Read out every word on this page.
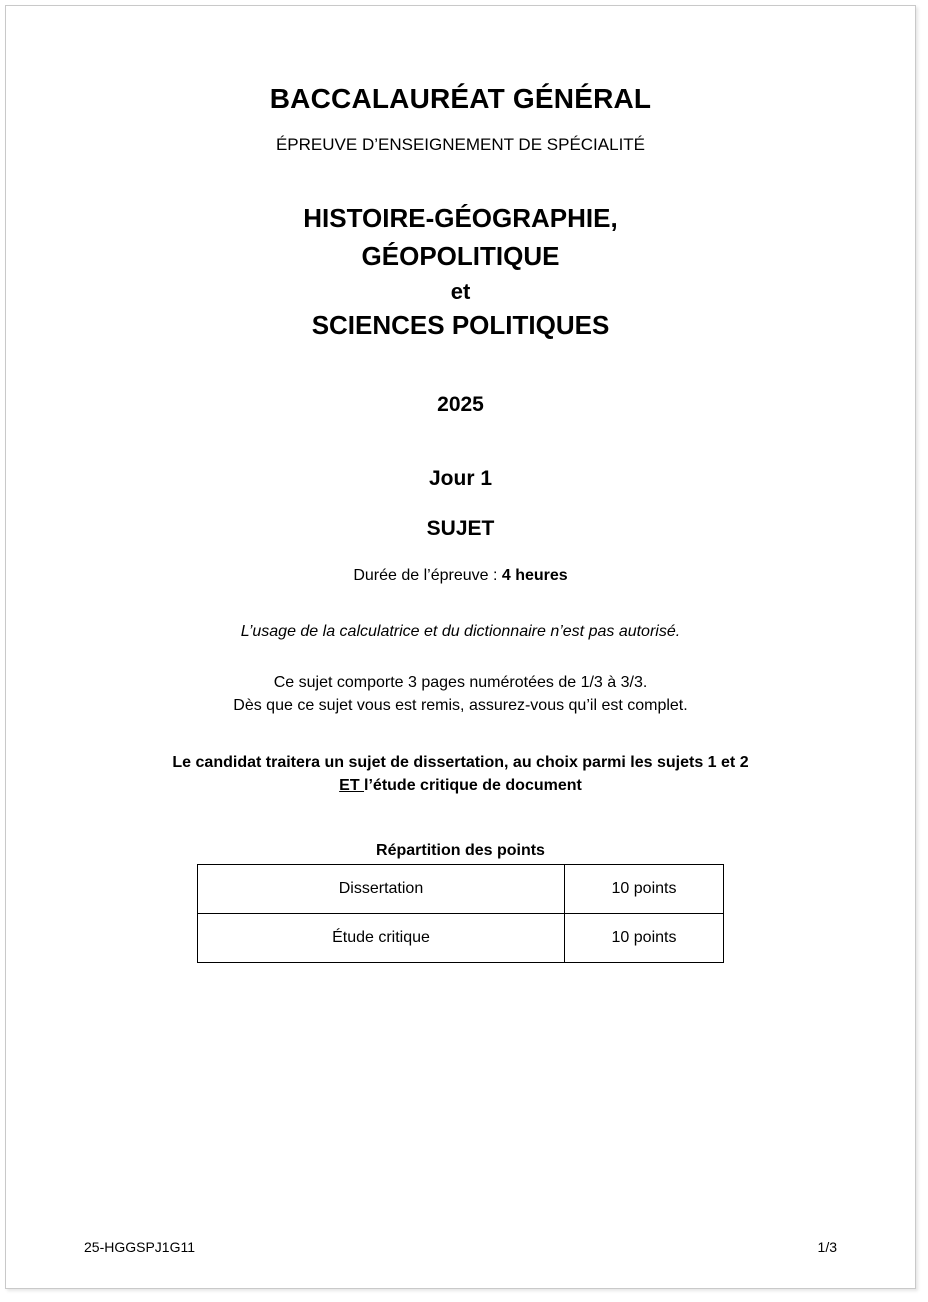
BACCALAURÉAT GÉNÉRAL
ÉPREUVE D’ENSEIGNEMENT DE SPÉCIALITÉ
HISTOIRE-GÉOGRAPHIE,
GÉOPOLITIQUE
et
SCIENCES POLITIQUES
2025
Jour 1
SUJET
Durée de l’épreuve : 4 heures
L’usage de la calculatrice et du dictionnaire n’est pas autorisé.
Ce sujet comporte 3 pages numérotées de 1/3 à 3/3.
Dès que ce sujet vous est remis, assurez-vous qu’il est complet.
Le candidat traitera un sujet de dissertation, au choix parmi les sujets 1 et 2
ET l’étude critique de document
Répartition des points
Dissertation	10 points
Étude critique	10 points
25-HGGSPJ1G11	1/3
